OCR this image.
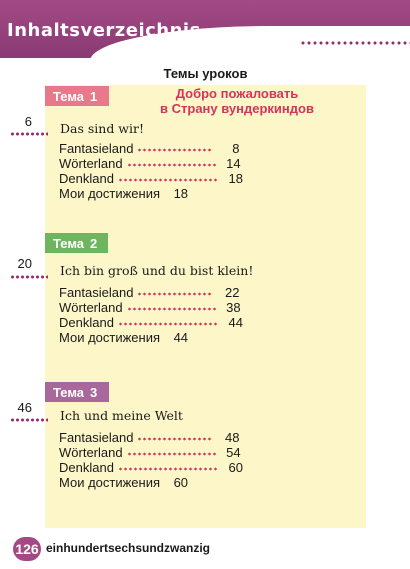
Inhaltsverzeichnis
Темы уроков
Тема 1	Добро пожаловать
в Страну вундеркиндов
6 Das sind wir!
Fantasieland	8
Wörterland	14
Denkland	18
Мои достижения	18
Тема 2
20 Ich bin groß und du bist klein!
Fantasieland	22
Wörterland	38
Denkland	44
Мои достижения	44
Тема 3
46
Ich und meine Welt
Fantasieland	48
Wörterland	54
Denkland	60
Мои достижения	60
126 einhundertsechsundzwanzig
